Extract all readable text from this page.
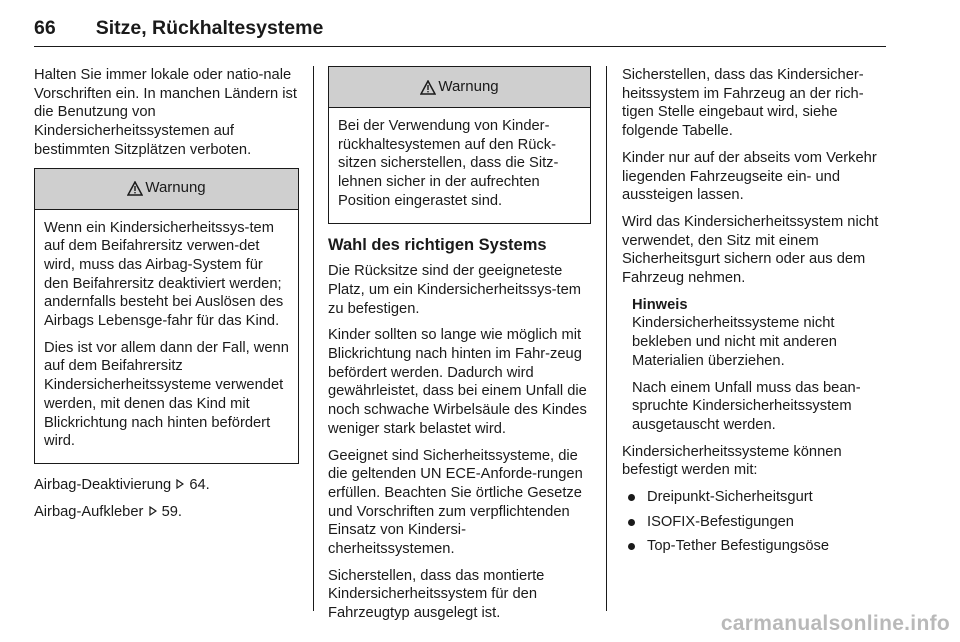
66 Sitze, Rückhaltesysteme

Halten Sie immer lokale oder natio-nale Vorschriften ein. In manchen Ländern ist die Benutzung von Kindersicherheitssystemen auf bestimmten Sitzplätzen verboten.

Warnung

Wenn ein Kindersicherheitssys-tem auf dem Beifahrersitz verwen-det wird, muss das Airbag-System für den Beifahrersitz deaktiviert werden; andernfalls besteht bei Auslösen des Airbags Lebensge-fahr für das Kind.

Dies ist vor allem dann der Fall, wenn auf dem Beifahrersitz Kindersicherheitssysteme verwendet werden, mit denen das Kind mit Blickrichtung nach hinten befördert wird.

Airbag-Deaktivierung 64.

Airbag-Aufkleber 59.

Warnung

Bei der Verwendung von Kinder-rückhaltesystemen auf den Rück-sitzen sicherstellen, dass die Sitz-lehnen sicher in der aufrechten Position eingerastet sind.

Wahl des richtigen Systems

Die Rücksitze sind der geeigneteste Platz, um ein Kindersicherheitssys-tem zu befestigen.

Kinder sollten so lange wie möglich mit Blickrichtung nach hinten im Fahr-zeug befördert werden. Dadurch wird gewährleistet, dass bei einem Unfall die noch schwache Wirbelsäule des Kindes weniger stark belastet wird.

Geeignet sind Sicherheitssysteme, die die geltenden UN ECE-Anforde-rungen erfüllen. Beachten Sie örtliche Gesetze und Vorschriften zum verpflichtenden Einsatz von Kindersi-cherheitssystemen.

Sicherstellen, dass das montierte Kindersicherheitssystem für den Fahrzeugtyp ausgelegt ist.

Sicherstellen, dass das Kindersicher-heitssystem im Fahrzeug an der rich-tigen Stelle eingebaut wird, siehe folgende Tabelle.

Kinder nur auf der abseits vom Verkehr liegenden Fahrzeugseite ein- und aussteigen lassen.

Wird das Kindersicherheitssystem nicht verwendet, den Sitz mit einem Sicherheitsgurt sichern oder aus dem Fahrzeug nehmen.

Hinweis

Kindersicherheitssysteme nicht bekleben und nicht mit anderen Materialien überziehen.

Nach einem Unfall muss das bean-spruchte Kindersicherheitssystem ausgetauscht werden.

Kindersicherheitssysteme können befestigt werden mit:

Dreipunkt-Sicherheitsgurt
ISOFIX-Befestigungen
Top-Tether Befestigungsöse
carmanualsonline.info
